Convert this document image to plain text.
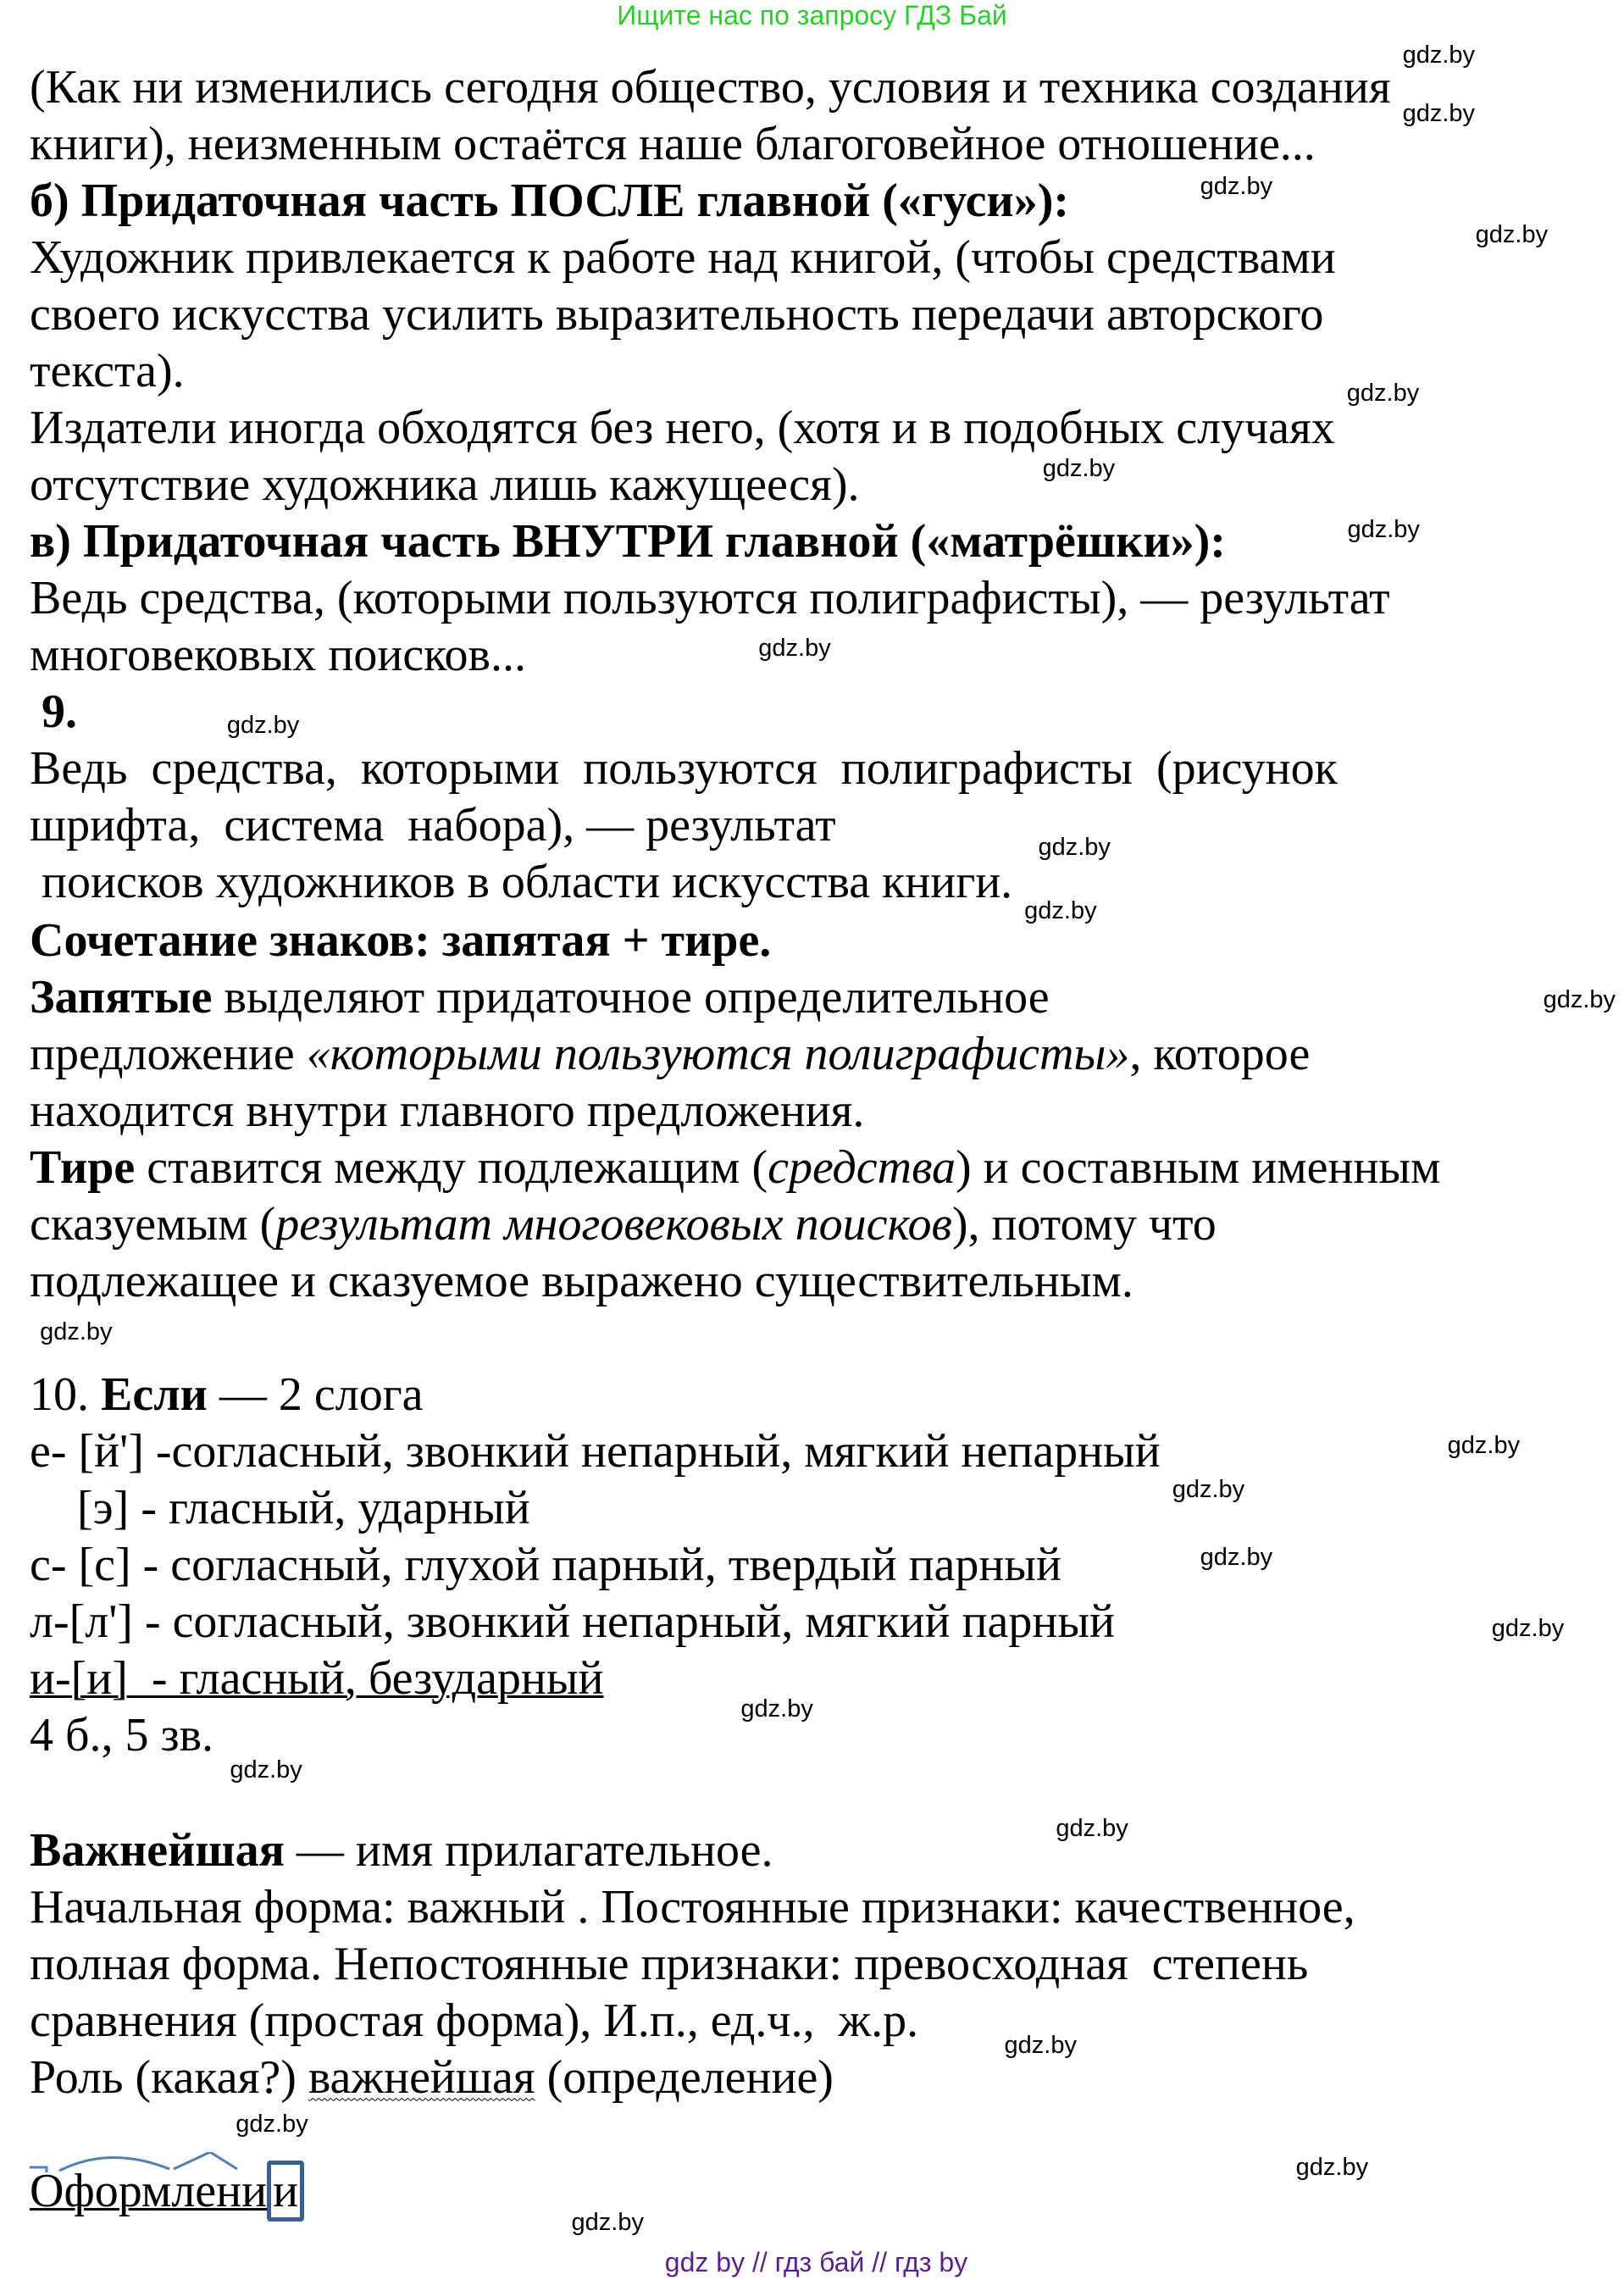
Ищите нас по запросу ГДЗ Бай
(Как ни изменились сегодня общество, условия и техника создания
книги), неизменным остаётся наше благоговейное отношение...
б) Придаточная часть ПОСЛЕ главной («гуси»):
Художник привлекается к работе над книгой, (чтобы средствами
своего искусства усилить выразительность передачи авторского
текста).
Издатели иногда обходятся без него, (хотя и в подобных случаях
отсутствие художника лишь кажущееся).
в) Придаточная часть ВНУТРИ главной («матрёшки»):
Ведь средства, (которыми пользуются полиграфисты), — результат
многовековых поисков...
9.
Ведь  средства,  которыми  пользуются  полиграфисты  (рисунок
шрифта,  система  набора), — результат
поисков художников в области искусства книги.
Сочетание знаков: запятая + тире.
Запятые выделяют придаточное определительное
предложение «которыми пользуются полиграфисты», которое
находится внутри главного предложения.
Тире ставится между подлежащим (средства) и составным именным
сказуемым (результат многовековых поисков), потому что
подлежащее и сказуемое выражено существительным.
10. Если — 2 слога
е- [й'] -согласный, звонкий непарный, мягкий непарный
[э] - гласный, ударный
с- [с] - согласный, глухой парный, твердый парный
л-[л'] - согласный, звонкий непарный, мягкий парный
и-[и]  - гласный, безударный
4 б., 5 зв.
Важнейшая — имя прилагательное.
Начальная форма: важный . Постоянные признаки: качественное,
полная форма. Непостоянные признаки: превосходная  степень
сравнения (простая форма), И.п., ед.ч.,  ж.р.
Роль (какая?) важнейшая (определение)
Оформлени и
gdz.by
gdz.by
gdz.by
gdz.by
gdz.by
gdz.by
gdz.by
gdz.by
gdz.by
gdz.by
gdz.by
gdz.by
gdz.by
gdz.by
gdz.by
gdz.by
gdz.by
gdz.by
gdz.by
gdz.by
gdz.by
gdz.by
gdz.by
gdz.by
gdz by // гдз бай // гдз by
